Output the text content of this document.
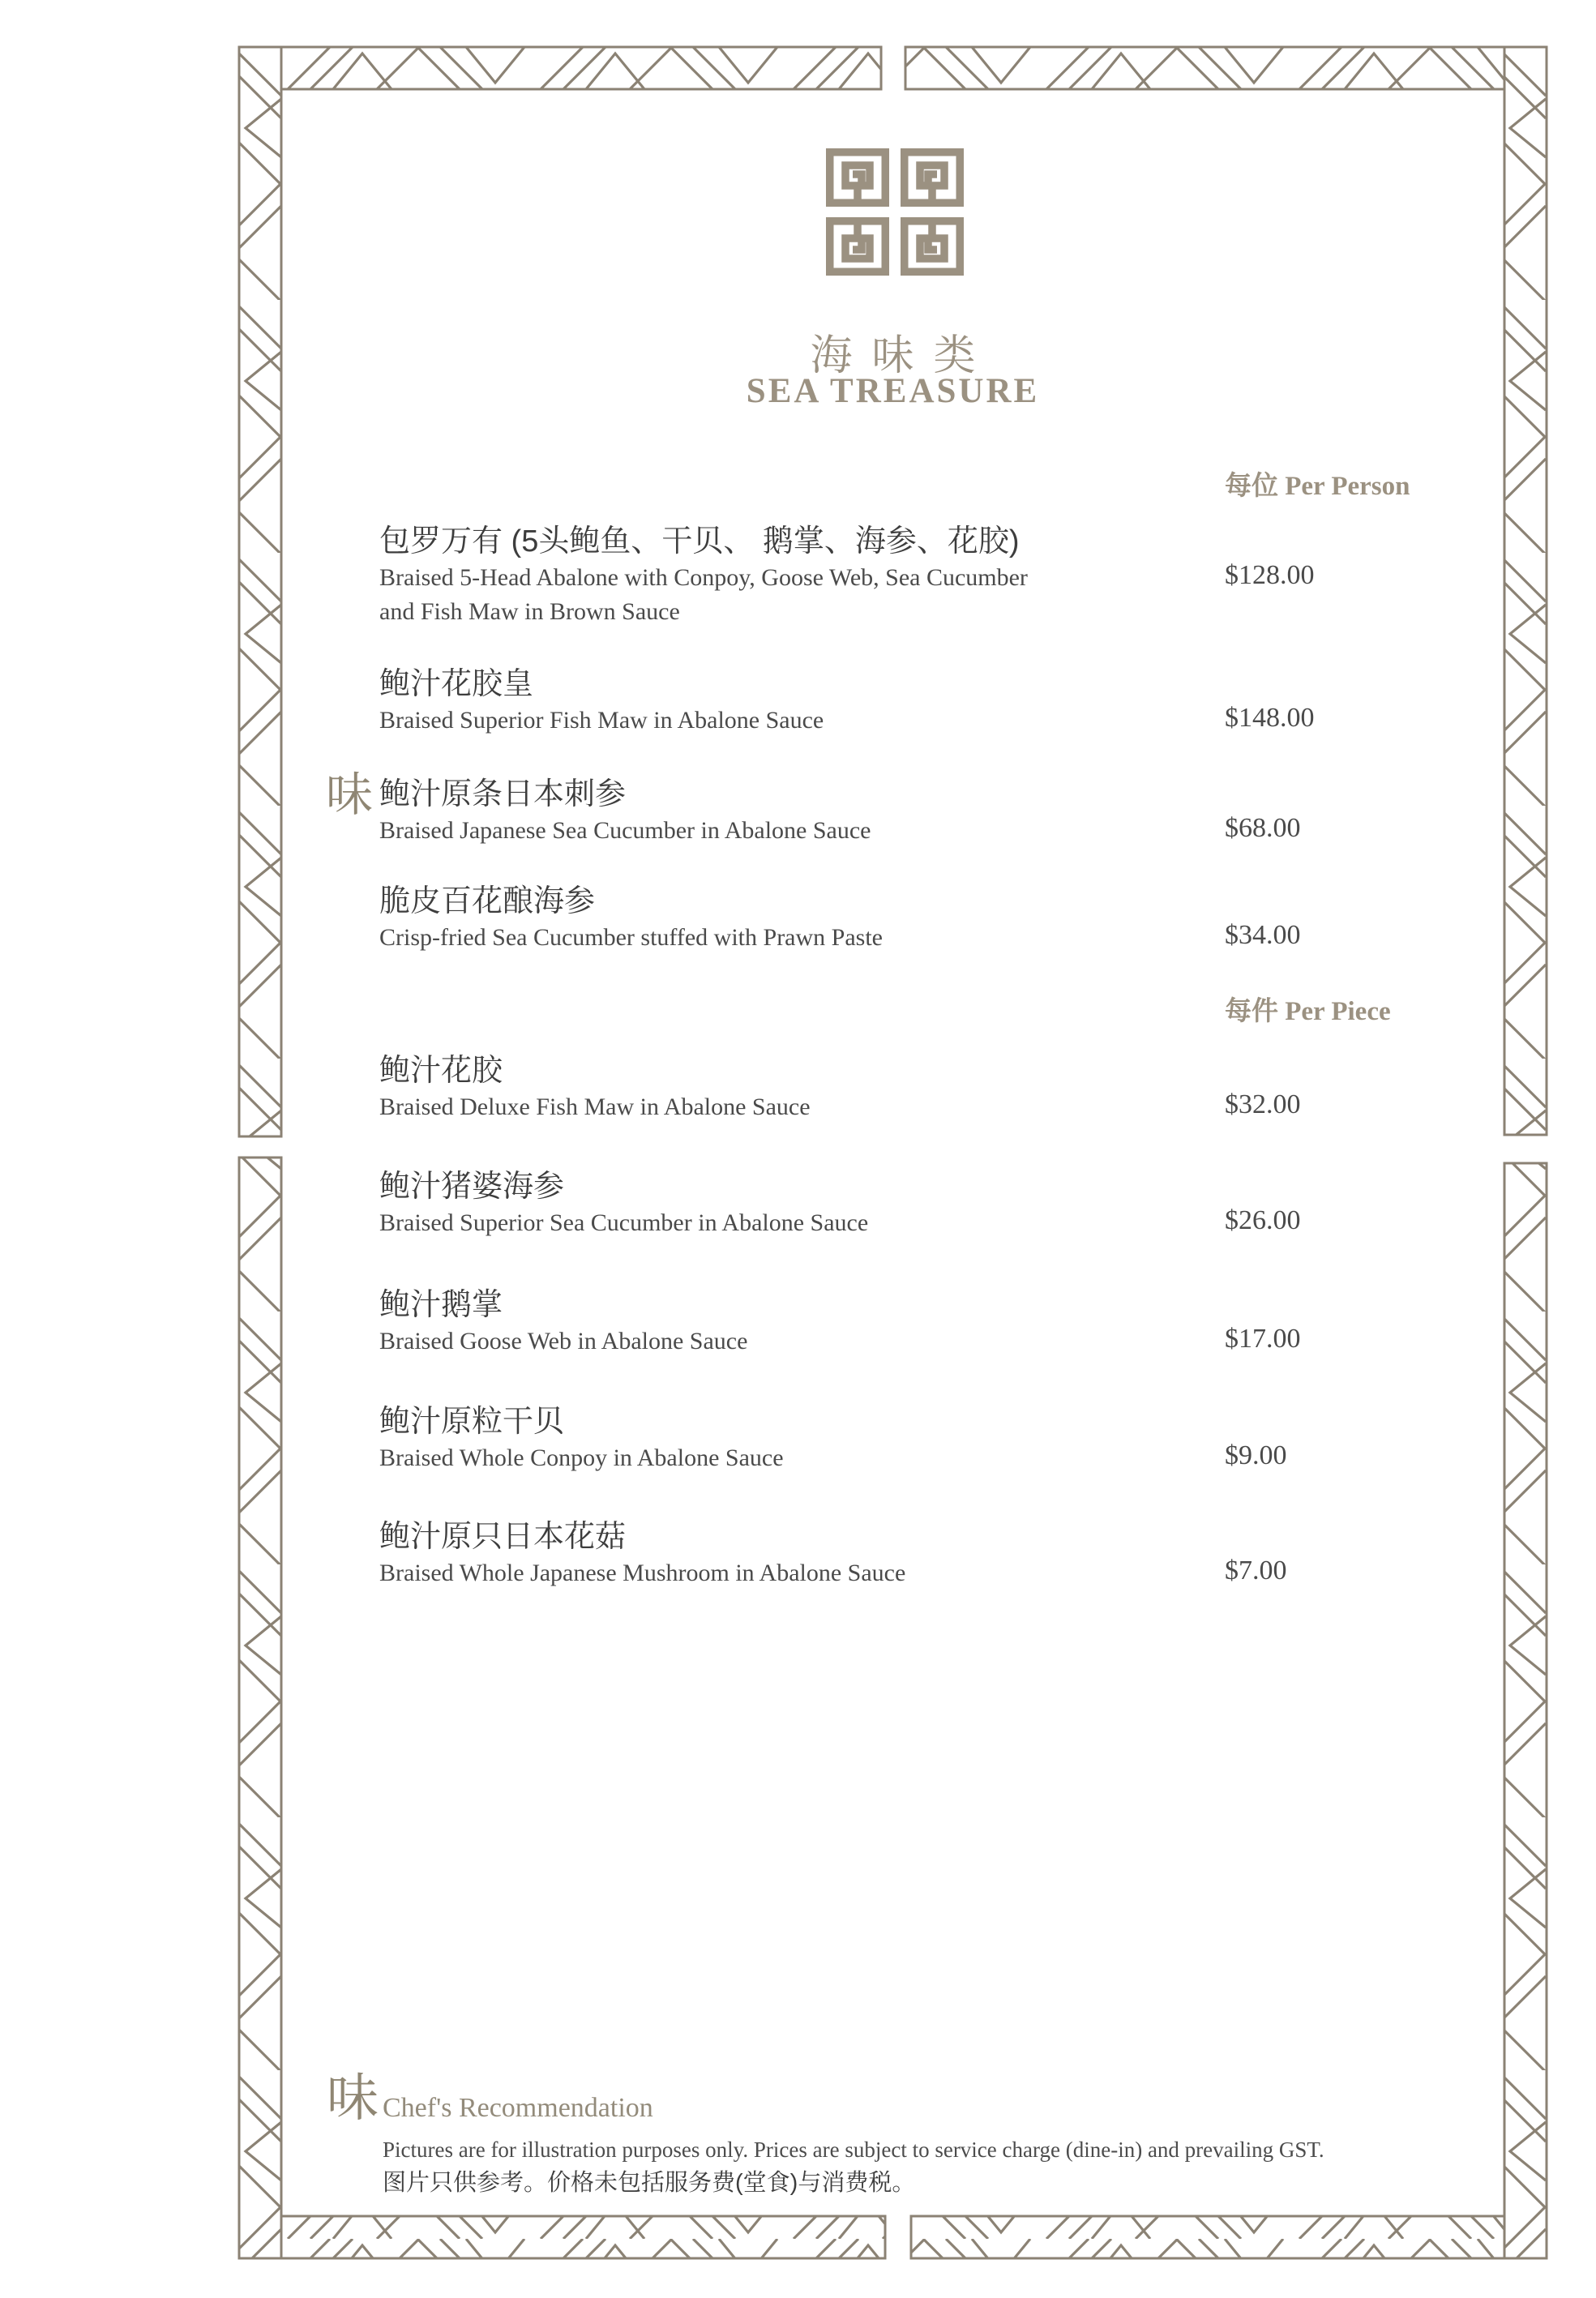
海味类
SEA TREASURE
每位 Per Person
包罗万有 (5头鲍鱼、干贝、 鹅掌、海参、花胶)
Braised 5-Head Abalone with Conpoy, Goose Web, Sea Cucumber
and Fish Maw in Brown Sauce
$128.00
鲍汁花胶皇
Braised Superior Fish Maw in Abalone Sauce	$148.00
味 鲍汁原条日本刺参
Braised Japanese Sea Cucumber in Abalone Sauce	$68.00
脆皮百花酿海参
Crisp-fried Sea Cucumber stuffed with Prawn Paste	$34.00
每件 Per Piece
鲍汁花胶
Braised Deluxe Fish Maw in Abalone Sauce	$32.00
鲍汁猪婆海参
Braised Superior Sea Cucumber in Abalone Sauce	$26.00
鲍汁鹅掌
Braised Goose Web in Abalone Sauce	$17.00
鲍汁原粒干贝
Braised Whole Conpoy in Abalone Sauce	$9.00
鲍汁原只日本花菇
Braised Whole Japanese Mushroom in Abalone Sauce	$7.00
味 Chef's Recommendation
Pictures are for illustration purposes only. Prices are subject to service charge (dine-in) and prevailing GST.
图片只供参考。价格未包括服务费(堂食)与消费税。
